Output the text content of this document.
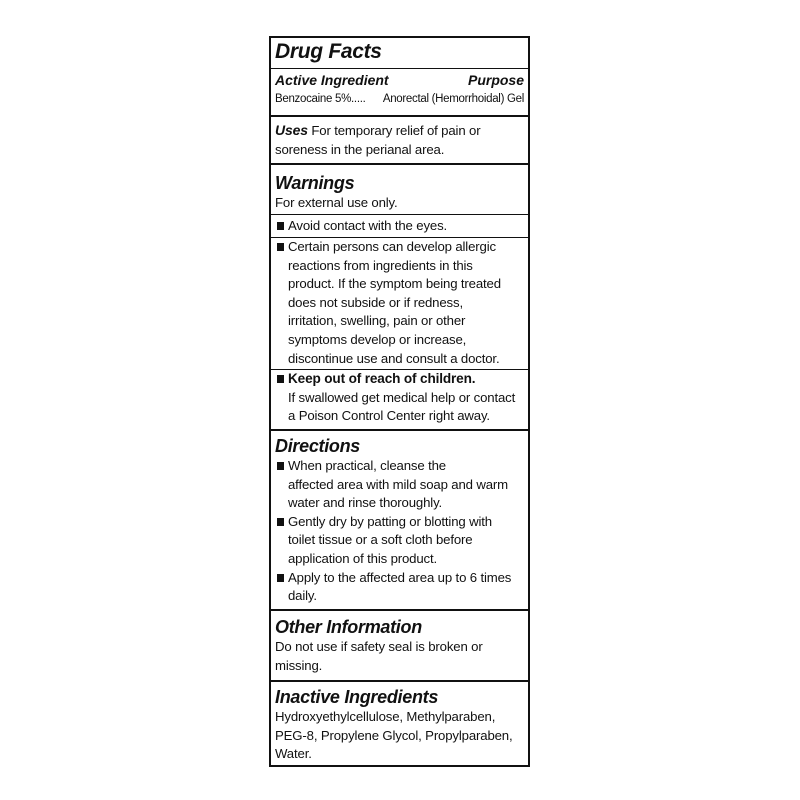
Drug Facts
Active Ingredient	Purpose
Benzocaine 5%..... Anorectal (Hemorrhoidal) Gel
Uses For temporary relief of pain or
soreness in the perianal area.
Warnings
For external use only.
Avoid contact with the eyes.
Certain persons can develop allergic
reactions from ingredients in this
product. If the symptom being treated
does not subside or if redness,
irritation, swelling, pain or other
symptoms develop or increase,
discontinue use and consult a doctor.
Keep out of reach of children.
If swallowed get medical help or contact
a Poison Control Center right away.
Directions
When practical, cleanse the
affected area with mild soap and warm
water and rinse thoroughly.
Gently dry by patting or blotting with
toilet tissue or a soft cloth before
application of this product.
Apply to the affected area up to 6 times
daily.
Other Information
Do not use if safety seal is broken or
missing.
Inactive Ingredients
Hydroxyethylcellulose, Methylparaben,
PEG-8, Propylene Glycol, Propylparaben,
Water.
